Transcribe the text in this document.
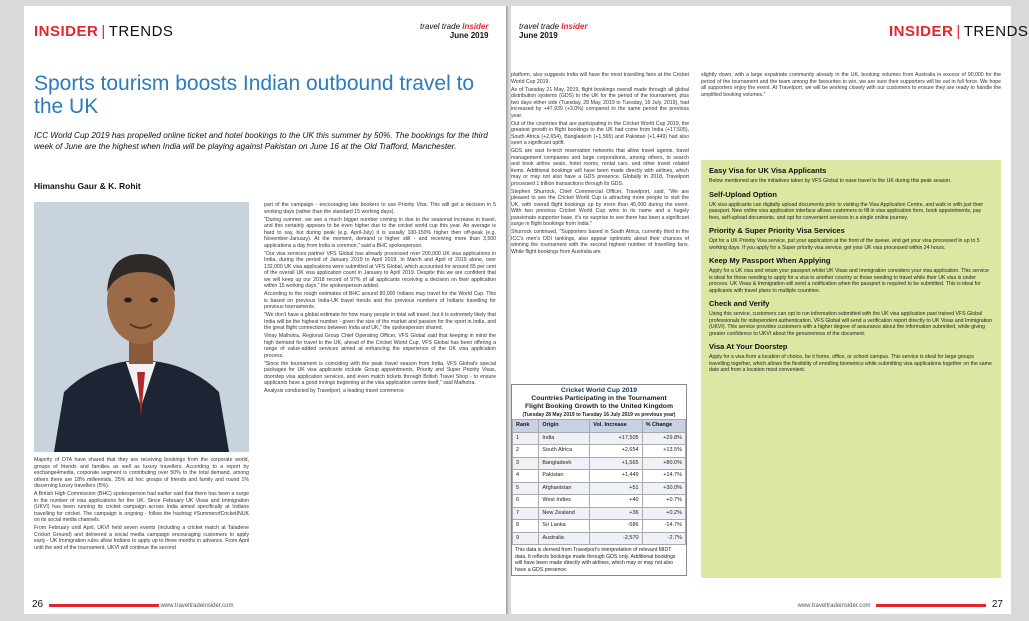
INSIDER | TRENDS	travel trade Insider
June 2019
Sports tourism boosts Indian outbound travel to the UK

ICC World Cup 2019 has propelled online ticket and hotel bookings to the UK this summer by 50%. The bookings for the third week of June are the highest when India will be playing against Pakistan on June 16 at the Old Trafford, Manchester.

Himanshu Gaur & K. Rohit

Majority of OTA have shared that they are receiving bookings from the corporate world, groups of friends and families as well as luxury travellers. According to a report by exchange4media, corporate segment is contributing over 50% to the total demand, among others there are 18% millennials, 25% ad hoc groups of friends and family and round 1% discerning luxury travellers (5%).

A British High Commission (BHC) spokesperson had earlier said that there has been a surge in the number of visa applications for the UK. Since February UK Visas and Immigration (UKVI) has been running its cricket campaign across India aimed specifically at Indians travelling for cricket. The campaign is ongoing - follow the hashtag #SummerofCricketINUK on its social media channels.

From February until April, UKVI held seven events (including a cricket match at Taladene Cricket Ground) and delivered a social media campaign encouraging customers to apply early - UK Immigration rules allow Indians to apply up to three months in advance. From April until the end of the tournament, UKVI will continue the second

part of the campaign - encouraging late bookers to use Priority Visa. This will get a decision in 5 working days (rather than the standard 15 working days).

"During summer, we see a much bigger number coming in due to the seasonal increase in travel, and this certainly appears to be even higher due to the cricket world cup this year. An average is hard to say, but during peak (e.g. April-July) it is usually 100-150% higher then off-peak (e.g. November-January). At the moment, demand is higher still - and receiving more than 3,500 applications a day from India is common," said a BHC spokesperson.

"Our visa services partner VFS Global has already processed over 200,000 UK visa applications in India, during the period of January 2019 to April 2019. In March and April of 2019 alone, over 132,000 UK visa applications were submitted at VFS Global, which accounted for around 65 per cent of the overall UK visa application count in January to April 2019. Despite this we are confident that we will keep up our 2018 record of 97% of all applicants receiving a decision on their application within 15 working days," the spokesperson added.

According to the rough estimates of BHC around 80,000 Indians may travel for the World Cup. This is based on previous India-UK travel trends and the previous numbers of Indians travelling for previous tournaments.

"We don't have a global estimate for how many people in total will travel, but it is extremely likely that India will be the highest number - given the size of the market and passion for the sport in India, and the great flight connections between India and UK," the spokesperson shared.

Vinay Malhotra, Regional Group Chief Operating Officer, VFS Global said that keeping in mind the high demand for travel to the UK, ahead of the Cricket World Cup, VFS Global has been offering a range of value-added services aimed at enhancing the experience of the UK visa application process.

"Since the tournament is coinciding with the peak travel season from India, VFS Global's special packages for UK visa applicants include Group appointments, Priority and Super Priority Visas, doorstep visa application services, and even match tickets through British Travel Shop - to ensure applicants have a good innings beginning at the visa application centre itself," said Malhotra.

Analysis conducted by Travelport, a leading travel commerce

26	www.traveltradeinsider.com
travel trade Insider
June 2019	INSIDER | TRENDS

platform, also suggests India will have the most travelling fans at the Cricket World Cup 2019.

As of Tuesday 21 May, 2019, flight bookings overall made through all global distribution systems (GDS) to the UK for the period of the tournament, plus two days either side (Tuesday, 28 May, 2019 to Tuesday, 16 July, 2019), had increased by +47,939 (+3.0%) compared to the same period the previous year.

Out of the countries that are participating in the Cricket World Cup 2019, the greatest growth in flight bookings to the UK had come from India (+17,505), South Africa (+2,654), Bangladesh (+1,565) and Pakistan (+1,449) had also seen a significant uplift.

GDS are vast hi-tech reservation networks that allow travel agents, travel management companies and large corporations, among others, to search and book airline seats, hotel rooms, rental cars, and other travel related items. Additional bookings will have been made directly with airlines, which may or may not also have a GDS presence. Globally in 2018, Travelport processed 1 trillion transactions through its GDS.

Stephen Shurrock, Chief Commercial Officer, Travelport, said, "We are pleased to see the Cricket World Cup is attracting more people to visit the UK, with overall flight bookings up by more than 45,000 during the event. With two previous Cricket World Cup wins to its name and a hugely passionate supporter base, it's no surprise to see there has been a significant surge in flight bookings from India."

Shurrock continued, "Supporters based in South Africa, currently third in the ICC's men's ODI rankings, also appear optimistic about their chances of winning the tournament with the second highest number of travelling fans. While flight bookings from Australia are

slightly down, with a large expatriate community already in the UK, booking volumes from Australia in excess of 90,000 for the period of the tournament and the team among the favourites to win, we are sure their supporters will be out in full force. We hope all supporters enjoy the event. At Travelport, we will be working closely with our customers to ensure they are ready to handle the amplified booking volumes."

Cricket World Cup 2019
Countries Participating in the Tournament
Flight Booking Growth to the United Kingdom
(Tuesday 28 May 2019 to Tuesday 16 July 2019 vs previous year)
Rank	Origin	Vol. Increase	% Change
1	India	+17,505	+29.8%
2	South Africa	+2,654	+13.5%
3	Bangladesh	+1,565	+80.0%
4	Pakistan	+1,449	+14.7%
5	Afghanistan	+51	+30.0%
6	West Indies	+40	+0.7%
7	New Zealand	+36	+0.2%
8	Sri Lanka	-586	-14.7%
9	Australia	-2,570	-2.7%

This data is derived from Travelport's interpretation of relevant MIDT data. It reflects bookings made through GDS only. Additional bookings will have been made directly with airlines, which may or may not also have a GDS presence.

Easy Visa for UK Visa Applicants

Below mentioned are the initiatives taken by VFS Global to ease travel to the UK during this peak season.

Self-Upload Option

UK visa applicants can digitally upload documents prior to visiting the Visa Application Centre, and walk in with just their passport. New online visa application interface allows customers to fill in visa application form, book appointments, pay fees, self-upload documents, and opt for convenient services in a single online journey.

Priority & Super Priority Visa Services

Opt for a UK Priority Visa service, put your application at the front of the queue, and get your visa processed in up to 5 working days. If you apply for a Super priority visa service, get your UK visa processed within 24 hours.

Keep My Passport When Applying

Apply for a UK visa and retain your passport whilst UK Visas and Immigration considers your visa application. This service is ideal for those needing to apply for a visa to another country or those needing to travel while their UK visa is under process. UK Visas & Immigration will send a notification when the passport is required to be submitted. This is ideal for applicants with travel plans to multiple countries.

Check and Verify

Using this service, customers can opt to run information submitted with the UK visa application past trained VFS Global professionals for independent authentication. VFS Global will send a verification report directly to UK Visas and Immigration (UKVI). This service provides customers with a higher degree of assurance about the information submitted, while giving greater confidence to UKVI about the genuineness of the document.

Visa At Your Doorstep

Apply for a visa from a location of choice, be it home, office, or school campus. This service is ideal for large groups travelling together, which allows the flexibility of enrolling biometrics while submitting visa applications together on the same date and from a location most convenient.

www.traveltradeinsider.com	27
